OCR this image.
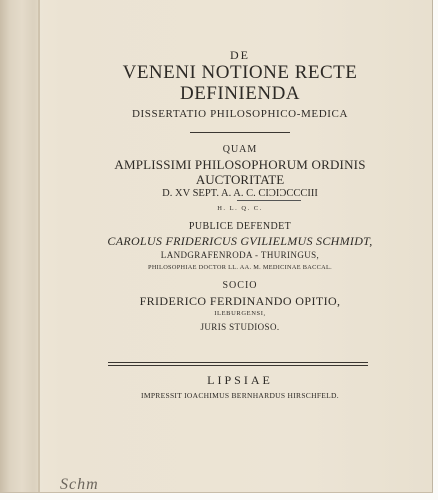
DE
VENENI NOTIONE RECTE
DEFINIENDA
DISSERTATIO PHILOSOPHICO-MEDICA
QUAM
AMPLISSIMI PHILOSOPHORUM ORDINIS
AUCTORITATE
D. XV SEPT. A. A. C. CIƆIƆCCCIII
H. L. Q. C.
PUBLICE DEFENDET
CAROLUS FRIDERICUS GVILIELMUS SCHMIDT,
LANDGRAFENRODA - THURINGUS,
PHILOSOPHIAE DOCTOR LL. AA. M. MEDICINAE BACCAL.
SOCIO
FRIDERICO FERDINANDO OPITIO,
ILEBURGENSI,
JURIS STUDIOSO.
LIPSIAE
IMPRESSIT IOACHIMUS BERNHARDUS HIRSCHFELD.
Schm
